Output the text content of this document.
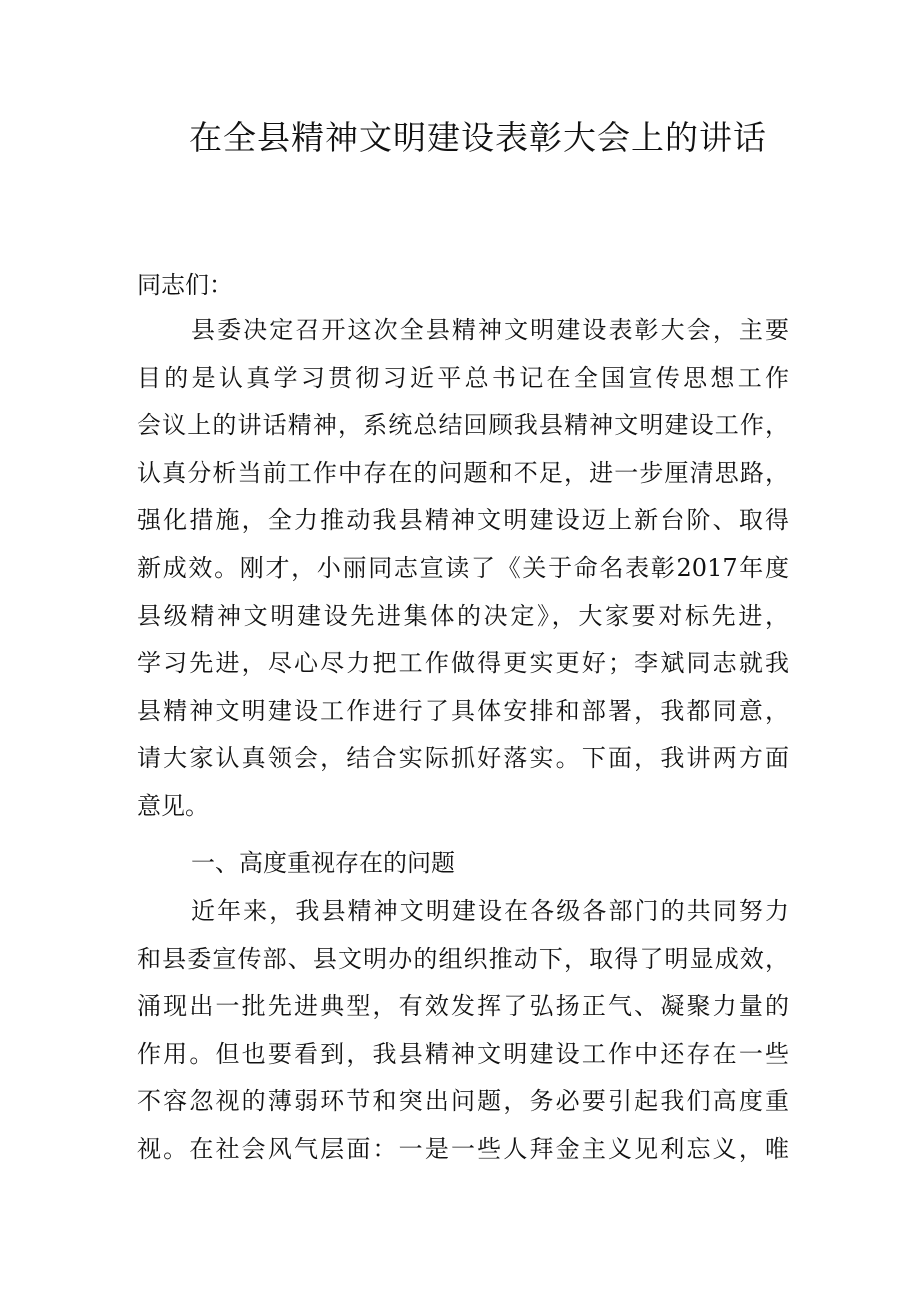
在全县精神文明建设表彰大会上的讲话

同志们：

县委决定召开这次全县精神文明建设表彰大会，主要
目的是认真学习贯彻习近平总书记在全国宣传思想工作
会议上的讲话精神，系统总结回顾我县精神文明建设工作，
认真分析当前工作中存在的问题和不足，进一步厘清思路，
强化措施，全力推动我县精神文明建设迈上新台阶、取得
新成效。刚才，小丽同志宣读了《关于命名表彰2017年度
县级精神文明建设先进集体的决定》，大家要对标先进，
学习先进，尽心尽力把工作做得更实更好；李斌同志就我
县精神文明建设工作进行了具体安排和部署，我都同意，
请大家认真领会，结合实际抓好落实。下面，我讲两方面
意见。
一、高度重视存在的问题
近年来，我县精神文明建设在各级各部门的共同努力
和县委宣传部、县文明办的组织推动下，取得了明显成效，
涌现出一批先进典型，有效发挥了弘扬正气、凝聚力量的
作用。但也要看到，我县精神文明建设工作中还存在一些
不容忽视的薄弱环节和突出问题，务必要引起我们高度重
视。在社会风气层面：一是一些人拜金主义见利忘义，唯
